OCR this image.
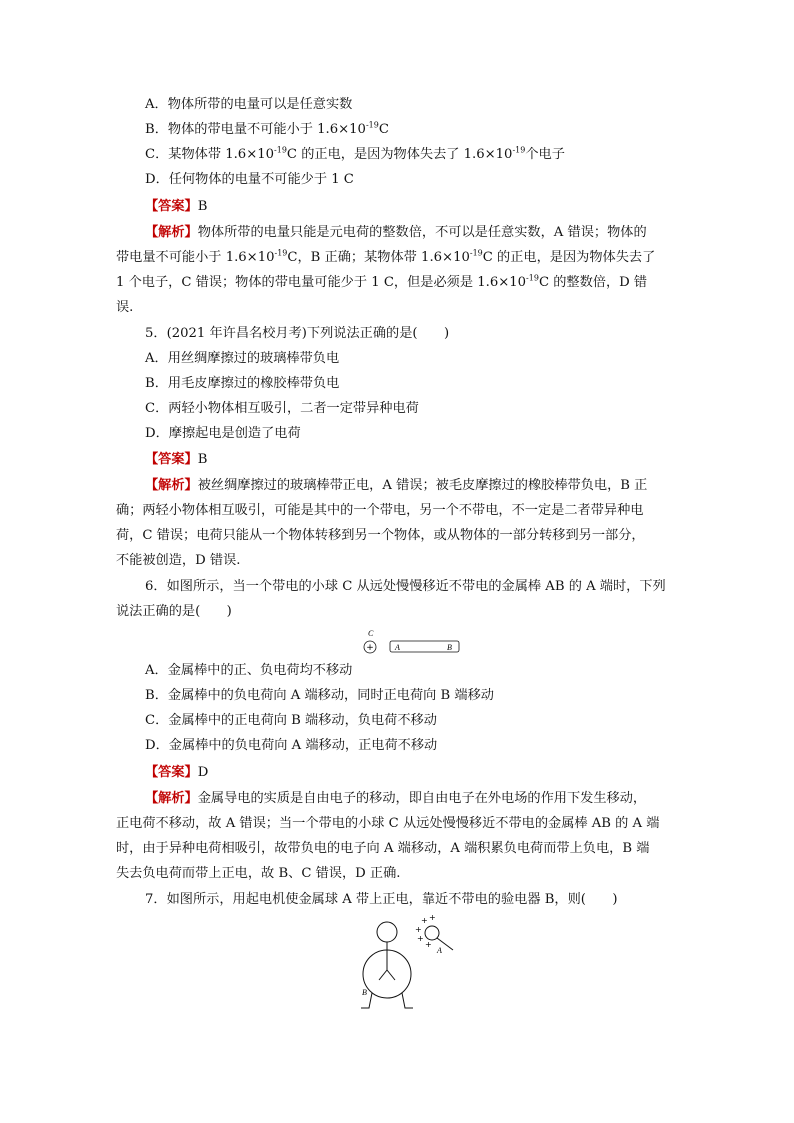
A．物体所带的电量可以是任意实数
B．物体的带电量不可能小于 $1.6\times 10^{-19}C$
C．某物体带 $1.6\times 10^{-19}C$ 的正电，是因为物体失去了 $1.6\times 10^{-19}$个电子
D．任何物体的电量不可能少于 1 C
【答案】B
【解析】物体所带的电量只能是元电荷的整数倍，不可以是任意实数，A 错误；物体的
带电量不可能小于 $1.6\times 10^{-19}C$，B 正确；某物体带 $1.6\times 10^{-19}C$ 的正电，是因为物体失去了
1 个电子，C 错误；物体的带电量可能少于 1 C，但是必须是 $1.6\times 10^{-19}C$ 的整数倍，D 错
误.
5．(2021 年许昌名校月考)下列说法正确的是(　　)
A．用丝绸摩擦过的玻璃棒带负电
B．用毛皮摩擦过的橡胶棒带负电
C．两轻小物体相互吸引，二者一定带异种电荷
D．摩擦起电是创造了电荷
【答案】B
【解析】被丝绸摩擦过的玻璃棒带正电，A 错误；被毛皮摩擦过的橡胶棒带负电，B 正
确；两轻小物体相互吸引，可能是其中的一个带电，另一个不带电，不一定是二者带异种电
荷，C 错误；电荷只能从一个物体转移到另一个物体，或从物体的一部分转移到另一部分，
不能被创造，D 错误.
6．如图所示，当一个带电的小球 C 从远处慢慢移近不带电的金属棒 AB 的 A 端时，下列
说法正确的是(　　)
C
+	A	B
A．金属棒中的正、负电荷均不移动
B．金属棒中的负电荷向 A 端移动，同时正电荷向 B 端移动
C．金属棒中的正电荷向 B 端移动，负电荷不移动
D．金属棒中的负电荷向 A 端移动，正电荷不移动
【答案】D
【解析】金属导电的实质是自由电子的移动，即自由电子在外电场的作用下发生移动，
正电荷不移动，故 A 错误；当一个带电的小球 C 从远处慢慢移近不带电的金属棒 AB 的 A 端
时，由于异种电荷相吸引，故带负电的电子向 A 端移动，A 端积累负电荷而带上负电，B 端
失去负电荷而带上正电，故 B、C 错误，D 正确.
7．如图所示，用起电机使金属球 A 带上正电，靠近不带电的验电器 B，则(　　)
B
A
+ +
+
+
+
